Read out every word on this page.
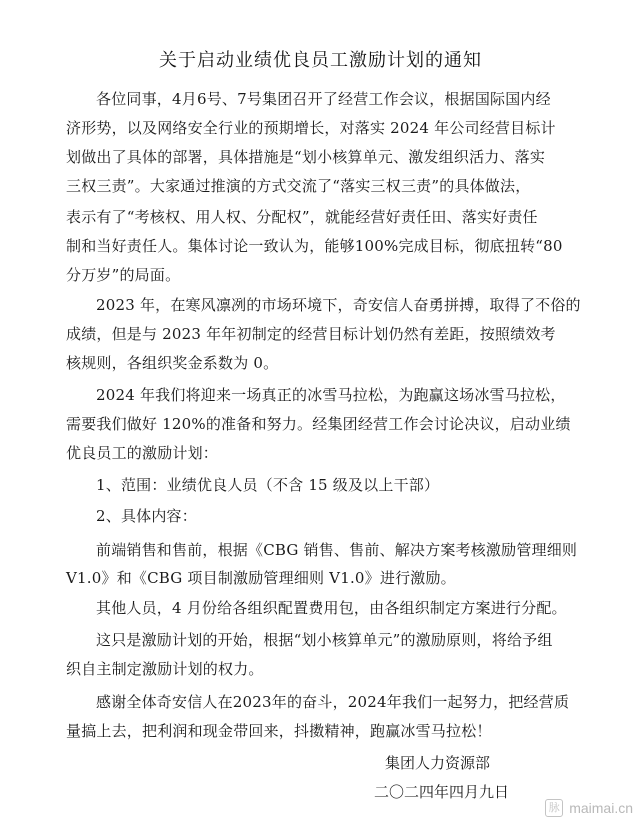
关于启动业绩优良员工激励计划的通知
各位同事，4月6号、7号集团召开了经营工作会议，根据国际国内经
济形势，以及网络安全行业的预期增长，对落实 2024 年公司经营目标计
划做出了具体的部署，具体措施是“划小核算单元、激发组织活力、落实
三权三责”。大家通过推演的方式交流了“落实三权三责”的具体做法，
表示有了“考核权、用人权、分配权”，就能经营好责任田、落实好责任
制和当好责任人。集体讨论一致认为，能够100%完成目标，彻底扭转“80
分万岁”的局面。
2023 年，在寒风凛冽的市场环境下，奇安信人奋勇拼搏，取得了不俗的
成绩，但是与 2023 年年初制定的经营目标计划仍然有差距，按照绩效考
核规则，各组织奖金系数为 0。
2024 年我们将迎来一场真正的冰雪马拉松，为跑赢这场冰雪马拉松，
需要我们做好 120%的准备和努力。经集团经营工作会讨论决议，启动业绩
优良员工的激励计划：
1、范围：业绩优良人员（不含 15 级及以上干部）
2、具体内容：
前端销售和售前，根据《CBG 销售、售前、解决方案考核激励管理细则
V1.0》和《CBG 项目制激励管理细则 V1.0》进行激励。
其他人员，4 月份给各组织配置费用包，由各组织制定方案进行分配。
这只是激励计划的开始，根据“划小核算单元”的激励原则，将给予组
织自主制定激励计划的权力。
感谢全体奇安信人在2023年的奋斗，2024年我们一起努力，把经营质
量搞上去，把利润和现金带回来，抖擞精神，跑赢冰雪马拉松！
集团人力资源部
二〇二四年四月九日
脉 maimai.cn
